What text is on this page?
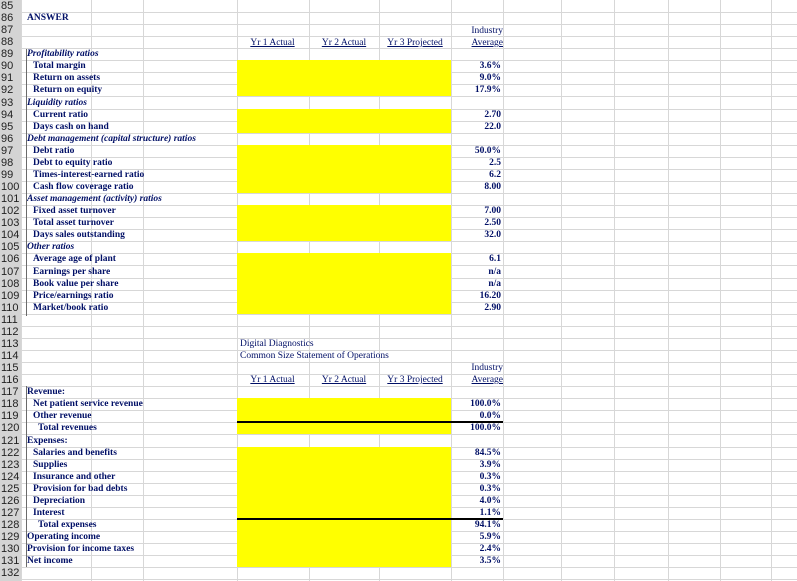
85
86	ANSWER
87
88
89	Profitability ratios
90	Total margin	3.6%
91	Return on assets	9.0%
92	Return on equity	17.9%
93	Liquidity ratios
94	Current ratio	2.70
95	Days cash on hand	22.0
96	Debt management (capital structure) ratios
97	Debt ratio	50.0%
98	Debt to equity ratio	2.5
99	Times-interest-earned ratio	6.2
100 Cash flow coverage ratio	8.00
101 Asset management (activity) ratios
102 Fixed asset turnover	7.00
103 Total asset turnover	2.50
104 Days sales outstanding	32.0
105 Other ratios
106 Average age of plant	6.1
107 Earnings per share	n/a
108 Book value per share	n/a
109 Price/earnings ratio	16.20
110 Market/book ratio	2.90
111
112
113
114
115
116
117 Revenue:
118 Net patient service revenue	100.0%
119 Other revenue	0.0%
120 Total revenues	100.0%
121 Expenses:
122 Salaries and benefits	84.5%
123 Supplies	3.9%
124 Insurance and other	0.3%
125 Provision for bad debts	0.3%
126 Depreciation	4.0%
127 Interest	1.1%
128 Total expenses	94.1%
129 Operating income	5.9%
130 Provision for income taxes	2.4%
131 Net income	3.5%
132
Yr 1 Actual	Yr 2 Actual	Yr 3 Projected
Industry
Average
Digital Diagnostics
Common Size Statement of Operations
Yr 1 Actual	Yr 2 Actual	Yr 3 Projected
Industry
Average
